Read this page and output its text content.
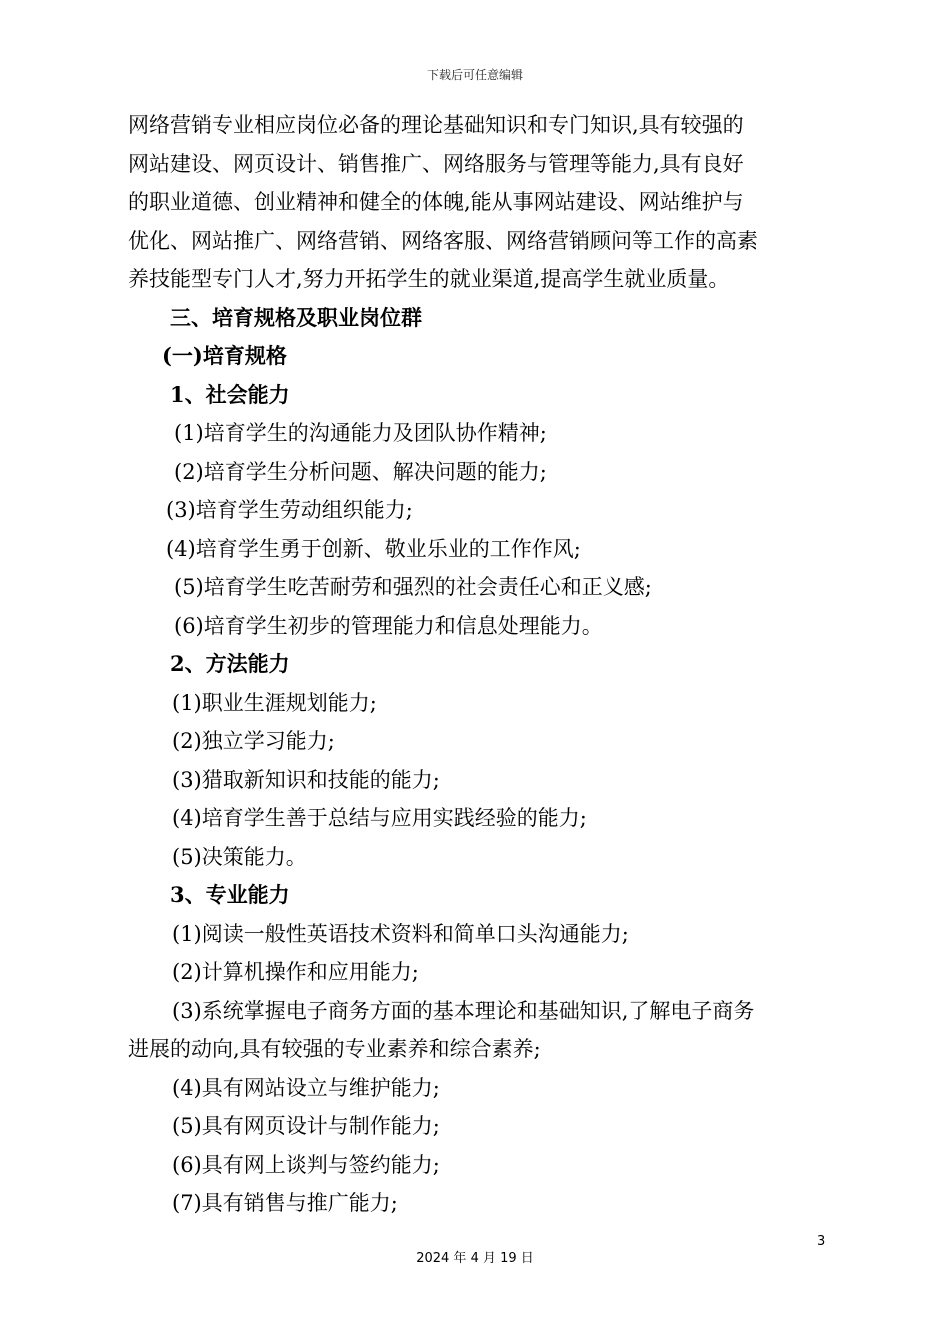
下载后可任意编辑
网络营销专业相应岗位必备的理论基础知识和专门知识,具有较强的
网站建设、网页设计、销售推广、网络服务与管理等能力,具有良好
的职业道德、创业精神和健全的体魄,能从事网站建设、网站维护与
优化、网站推广、网络营销、网络客服、网络营销顾问等工作的高素
养技能型专门人才,努力开拓学生的就业渠道,提高学生就业质量。
三、培育规格及职业岗位群
(一)培育规格
1、社会能力
(1)培育学生的沟通能力及团队协作精神;
(2)培育学生分析问题、解决问题的能力;
(3)培育学生劳动组织能力;
(4)培育学生勇于创新、敬业乐业的工作作风;
(5)培育学生吃苦耐劳和强烈的社会责任心和正义感;
(6)培育学生初步的管理能力和信息处理能力。
2、方法能力
(1)职业生涯规划能力;
(2)独立学习能力;
(3)猎取新知识和技能的能力;
(4)培育学生善于总结与应用实践经验的能力;
(5)决策能力。
3、专业能力
(1)阅读一般性英语技术资料和简单口头沟通能力;
(2)计算机操作和应用能力;
(3)系统掌握电子商务方面的基本理论和基础知识,了解电子商务
进展的动向,具有较强的专业素养和综合素养;
(4)具有网站设立与维护能力;
(5)具有网页设计与制作能力;
(6)具有网上谈判与签约能力;
(7)具有销售与推广能力;
3
2024 年 4 月 19 日
